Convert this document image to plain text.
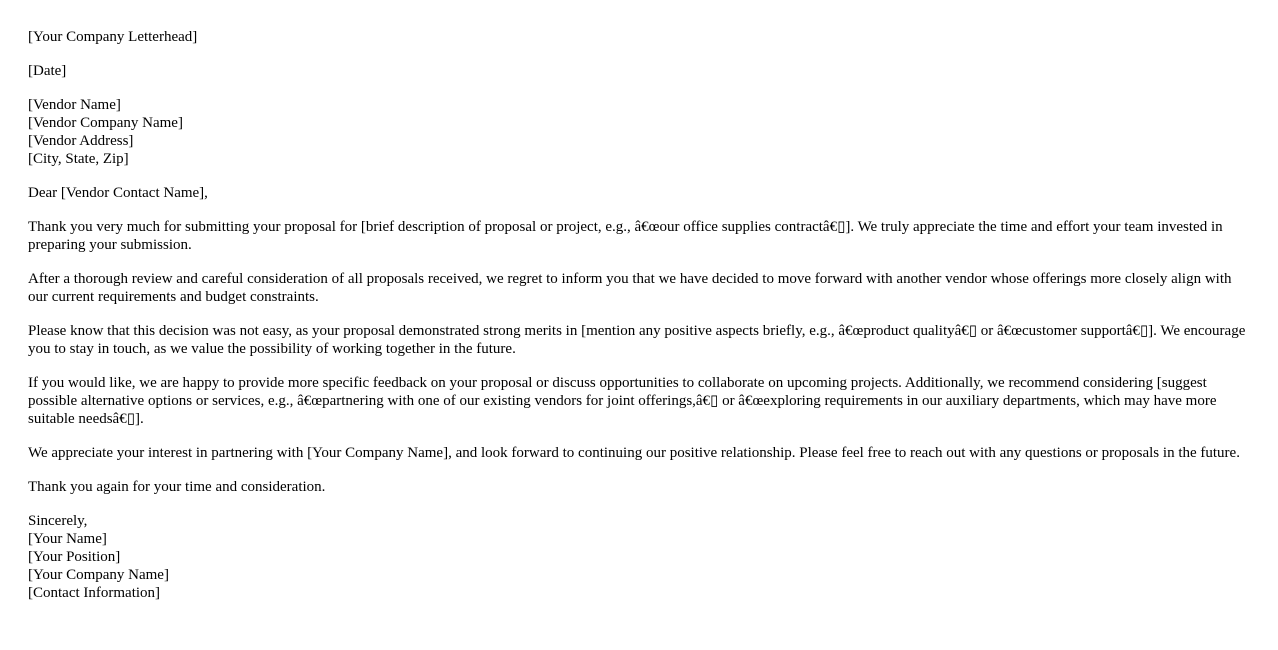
[Your Company Letterhead]
[Date]
[Vendor Name]
[Vendor Company Name]
[Vendor Address]
[City, State, Zip]
Dear [Vendor Contact Name],
Thank you very much for submitting your proposal for [brief description of proposal or project, e.g., â€œour office supplies contractâ€▯]. We truly appreciate the time and effort your team invested in preparing your submission.
After a thorough review and careful consideration of all proposals received, we regret to inform you that we have decided to move forward with another vendor whose offerings more closely align with our current requirements and budget constraints.
Please know that this decision was not easy, as your proposal demonstrated strong merits in [mention any positive aspects briefly, e.g., â€œproduct qualityâ€▯ or â€œcustomer supportâ€▯]. We encourage you to stay in touch, as we value the possibility of working together in the future.
If you would like, we are happy to provide more specific feedback on your proposal or discuss opportunities to collaborate on upcoming projects. Additionally, we recommend considering [suggest possible alternative options or services, e.g., â€œpartnering with one of our existing vendors for joint offerings,â€▯ or â€œexploring requirements in our auxiliary departments, which may have more suitable needsâ€▯].
We appreciate your interest in partnering with [Your Company Name], and look forward to continuing our positive relationship. Please feel free to reach out with any questions or proposals in the future.
Thank you again for your time and consideration.
Sincerely,
[Your Name]
[Your Position]
[Your Company Name]
[Contact Information]
